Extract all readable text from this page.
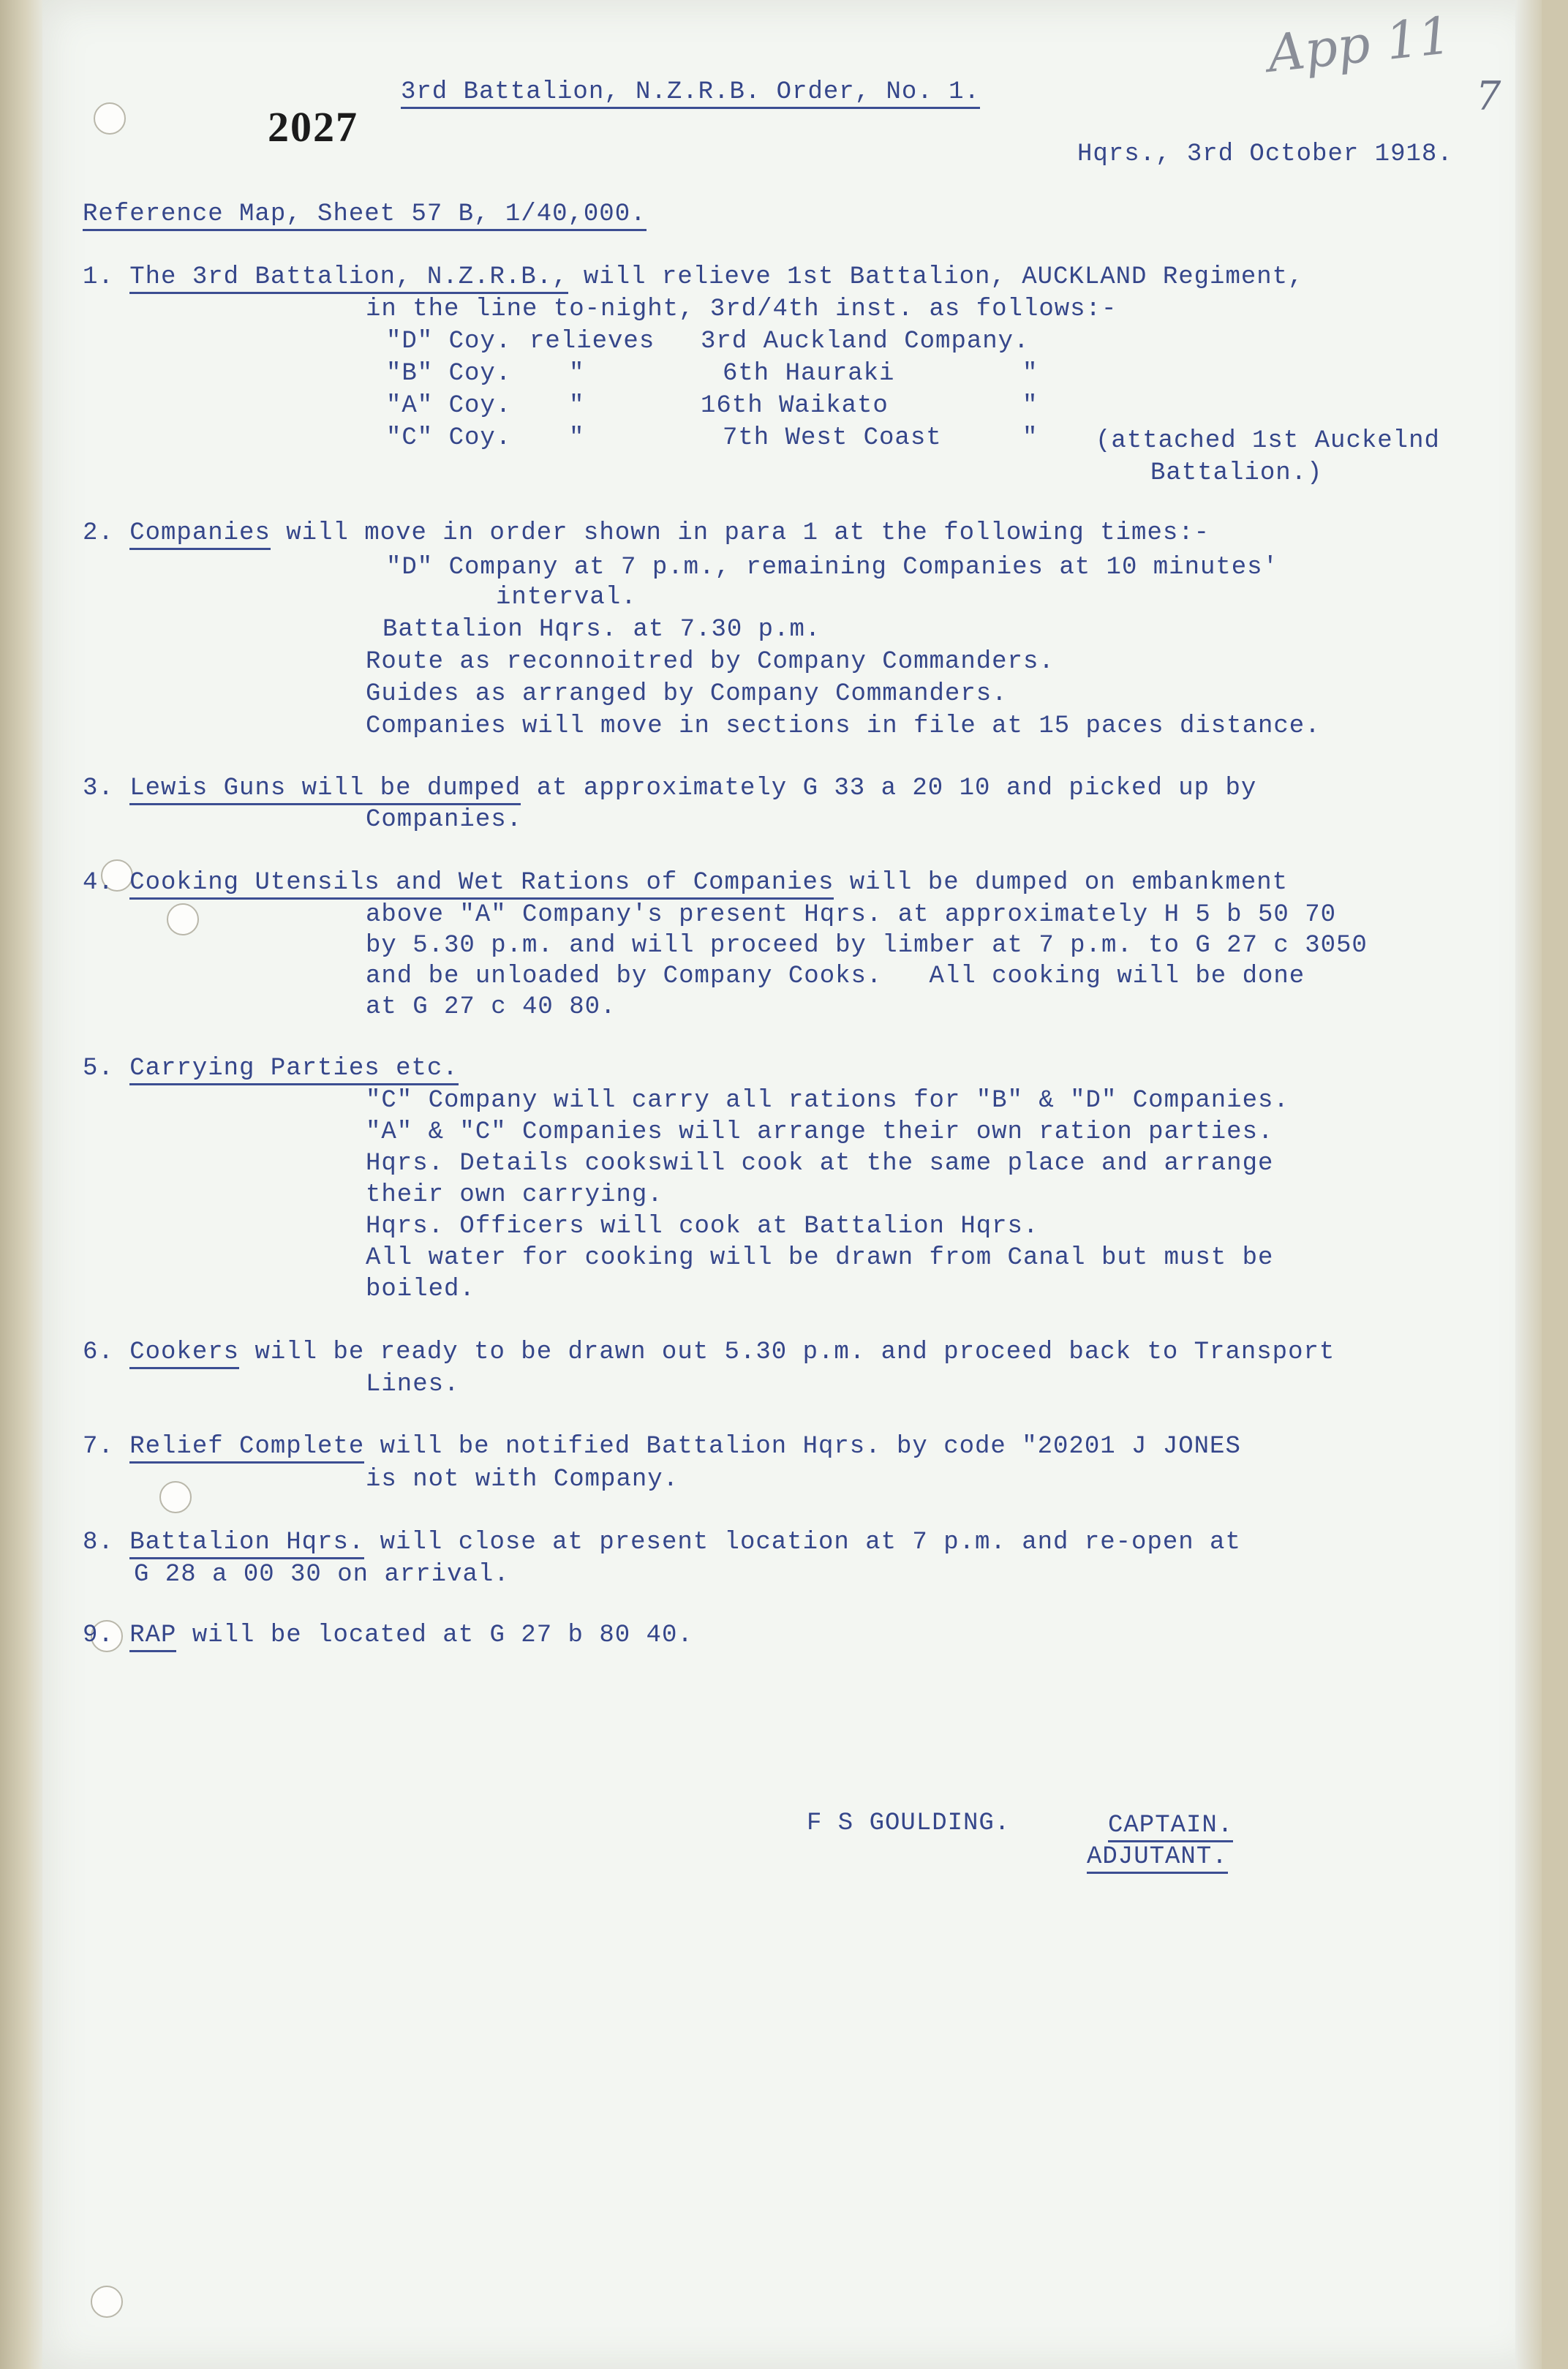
App 11
7
2027
3rd Battalion, N.Z.R.B. Order, No. 1.
Hqrs., 3rd October 1918.
Reference Map, Sheet 57 B, 1/40,000.
1. The 3rd Battalion, N.Z.R.B., will relieve 1st Battalion, AUCKLAND Regiment,
in the line to-night, 3rd/4th inst. as follows:-
"D" Coy. relieves 3rd Auckland Company.
"B" Coy. "	6th Hauraki	"
"A" Coy. "	16th Waikato	"
"C" Coy. "	7th West Coast	" (attached 1st Auckelnd
Battalion.)
2. Companies will move in order shown in para 1 at the following times:-
"D" Company at 7 p.m., remaining Companies at 10 minutes'
interval.
Battalion Hqrs. at 7.30 p.m.
Route as reconnoitred by Company Commanders.
Guides as arranged by Company Commanders.
Companies will move in sections in file at 15 paces distance.
3. Lewis Guns will be dumped at approximately G 33 a 20 10 and picked up by
Companies.
4. Cooking Utensils and Wet Rations of Companies will be dumped on embankment
above "A" Company's present Hqrs. at approximately H 5 b 50 70
by 5.30 p.m. and will proceed by limber at 7 p.m. to G 27 c 3050
and be unloaded by Company Cooks.   All cooking will be done
at G 27 c 40 80.
5. Carrying Parties etc.
"C" Company will carry all rations for "B" & "D" Companies.
"A" & "C" Companies will arrange their own ration parties.
Hqrs. Details cookswill cook at the same place and arrange
their own carrying.
Hqrs. Officers will cook at Battalion Hqrs.
All water for cooking will be drawn from Canal but must be
boiled.
6. Cookers will be ready to be drawn out 5.30 p.m. and proceed back to Transport
Lines.
7. Relief Complete will be notified Battalion Hqrs. by code "20201 J JONES
is not with Company.
8. Battalion Hqrs. will close at present location at 7 p.m. and re-open at
G 28 a 00 30 on arrival.
9. RAP will be located at G 27 b 80 40.
F S GOULDING.	CAPTAIN.
ADJUTANT.
